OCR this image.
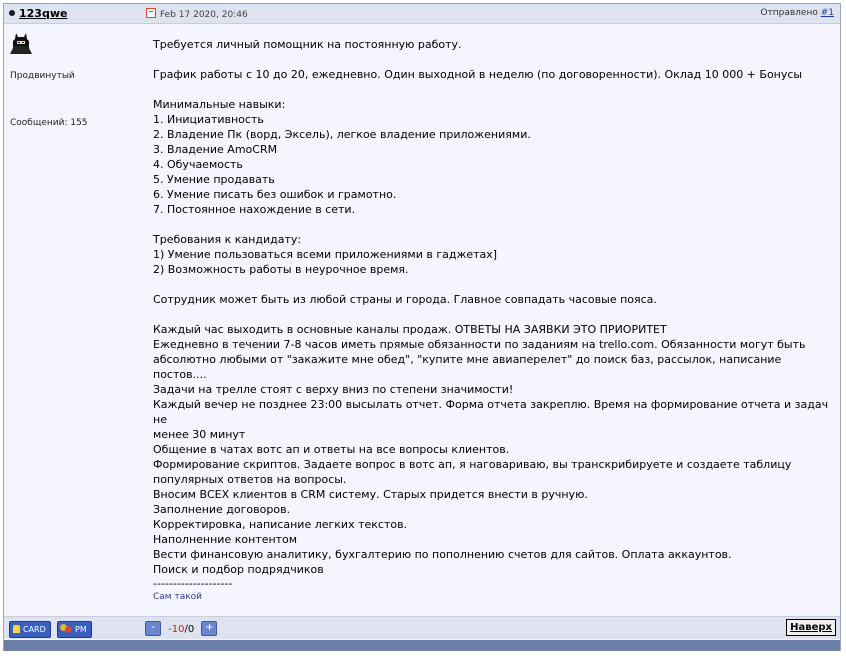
123qwe	Feb 17 2020, 20:46	Отправлено #1
Продвинутый
Сообщений: 155
Требуется личный помощник на постоянную работу.
График работы с 10 до 20, ежедневно. Один выходной в неделю (по договоренности). Оклад 10 000 + Бонусы
Минимальные навыки:
1. Инициативность
2. Владение Пк (ворд, Эксель), легкое владение приложениями.
3. Владение AmoCRM
4. Обучаемость
5. Умение продавать
6. Умение писать без ошибок и грамотно.
7. Постоянное нахождение в сети.
Требования к кандидату:
1) Умение пользоваться всеми приложениями в гаджетах]
2) Возможность работы в неурочное время.
Сотрудник может быть из любой страны и города. Главное совпадать часовые пояса.
Каждый час выходить в основные каналы продаж. ОТВЕТЫ НА ЗАЯВКИ ЭТО ПРИОРИТЕТ
Ежедневно в течении 7-8 часов иметь прямые обязанности по заданиям на trello.com. Обязанности могут быть
абсолютно любыми от "закажите мне обед", "купите мне авиаперелет" до поиск баз, рассылок, написание постов....
Задачи на трелле стоят с верху вниз по степени значимости!
Каждый вечер не позднее 23:00 высылать отчет. Форма отчета закреплю. Время на формирование отчета и задач не
менее 30 минут
Общение в чатах вотс ап и ответы на все вопросы клиентов.
Формирование скриптов. Задаете вопрос в вотс ап, я наговариваю, вы транскрибируете и создаете таблицу
популярных ответов на вопросы.
Вносим ВСЕХ клиентов в CRM систему. Старых придется внести в ручную.
Заполнение договоров.
Корректировка, написание легких текстов.
Наполненние контентом
Вести финансовую аналитику, бухгалтерию по пополнению счетов для сайтов. Оплата аккаунтов.
Поиск и подбор подрядчиков
--------------------
Сам такой
CARD	PM	- -10/0 +	Наверх
